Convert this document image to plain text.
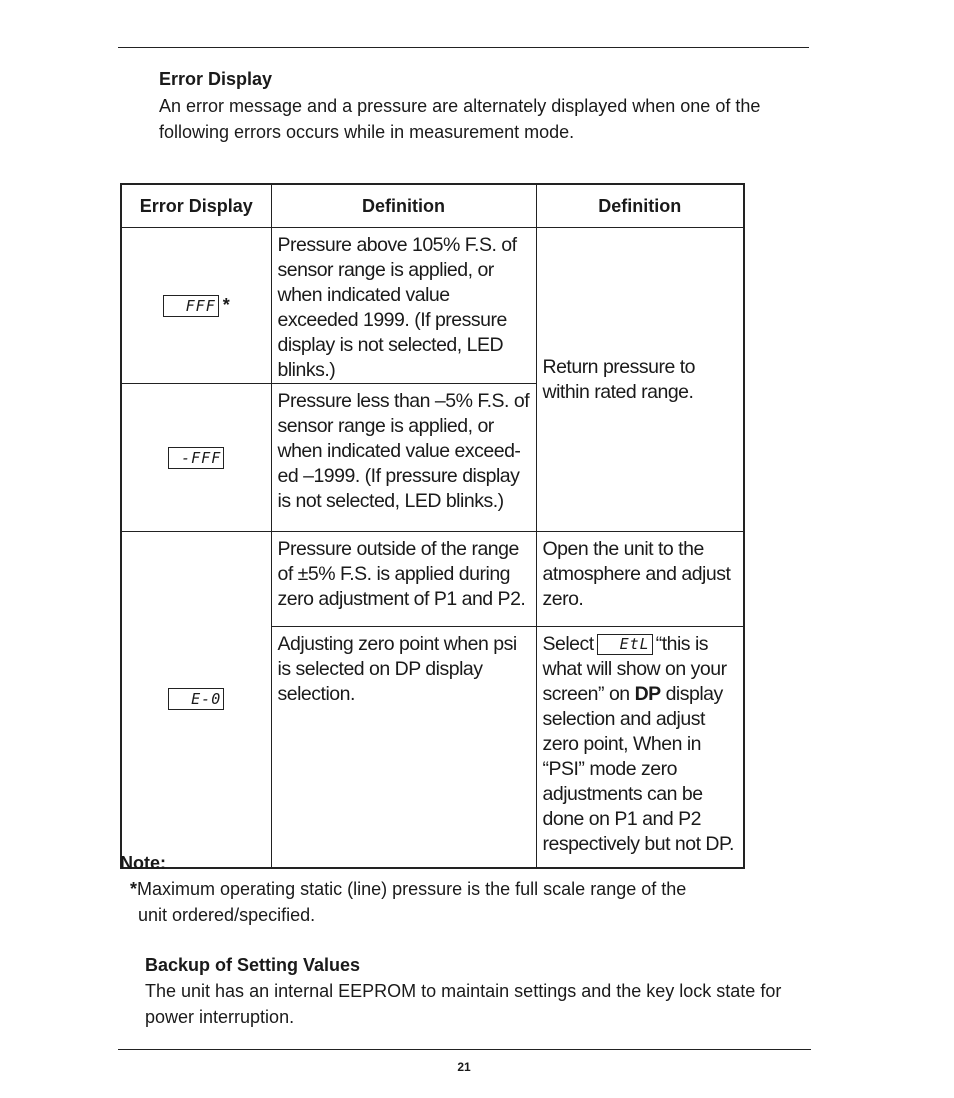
Error Display

An error message and a pressure are alternately displayed when one of the following errors occurs while in measurement mode.

Error Display	Definition	Definition
FFF *	Pressure above 105% F.S. of sensor range is applied, or when indicated value exceeded 1999. (If pressure display is not selected, LED blinks.)	Return pressure to within rated range.

-FFF	Pressure less than –5% F.S. of sensor range is applied, or when indicated value exceed-ed –1999. (If pressure display is not selected, LED blinks.)	

E-0	Pressure outside of the range of ±5% F.S. is applied during zero adjustment of P1 and P2.	Open the unit to the atmosphere and adjust zero.

	Adjusting zero point when psi is selected on DP display selection.	Select EtL “this is what will show on your screen” on DP display selection and adjust zero point, When in “PSI” mode zero adjustments can be done on P1 and P2 respectively but not DP.
Note:
*Maximum operating static (line) pressure is the full scale range of the
unit ordered/specified.
Backup of Setting Values

The unit has an internal EEPROM to maintain settings and the key lock state for power interruption.

21
